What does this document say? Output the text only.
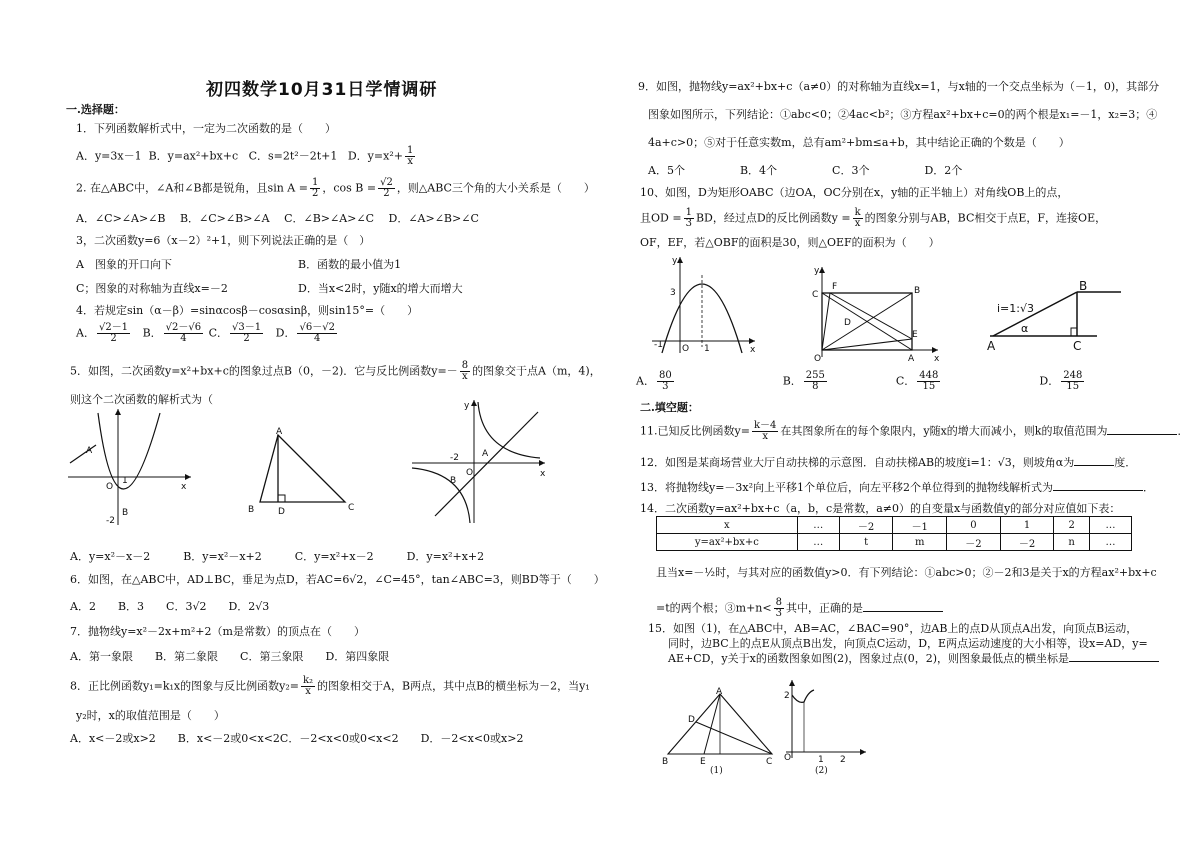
初四数学10月31日学情调研
一.选择题：
1．下列函数解析式中，一定为二次函数的是（　　）
A．y=3x－1 B．y=ax²+bx+c C．s=2t²－2t+1 D．$y=x^2+ \frac{1}{x}$
2. 在△ABC中，∠A和∠B都是锐角，且$\sin A = \frac{1}{2}$ ，$\cos B = \frac{√2}{2}$ ，则△ABC三个角的大小关系是（　　）
A．∠C>∠A>∠B　 B．∠C>∠B>∠A　 C．∠B>∠A>∠C　 D．∠A>∠B>∠C
3，二次函数y=6（x－2）²+1，则下列说法正确的是（　）
A　图象的开口向下	B．函数的最小值为1
C；图象的对称轴为直线x=－2	D．当x<2时，y随x的增大而增大
4．若规定sin（α－β）=sinαcosβ－cosαsinβ，则sin15°=（　　）
A． $\frac{√2-1}{2}$ B． $\frac{√2-√6}{4}$ C． $\frac{√3-1}{2}$ D． $\frac{√6-√2}{4}$
5．如图，二次函数y=x²+bx+c的图象过点B（0，－2)．它与反比例函数$y=- \frac{8}{x}$ 的图象交于点A（m，4)，
则这个二次函数的解析式为（
A
1
O	x
-2
B
A
B	D	C
-2	A
O	x
y
B
A．y=x²－x－2　　　B．y=x²－x+2　　　C．y=x²+x－2　　　D．y=x²+x+2
6．如图，在△ABC中，AD⊥BC，垂足为点D，若AC=6√2，∠C=45°，tan∠ABC=3，则BD等于（　　）
A．2　　B．3　　C．3√2　　D．2√3
7．抛物线y=x²－2x+m²+2（m是常数）的顶点在（　　）
A．第一象限　　B．第二象限　　C．第三象限　　D．第四象限
8．正比例函数y₁=k₁x的图象与反比例函数$y_2= \frac{\text{k₂}}{x}$ 的图象相交于A，B两点，其中点B的横坐标为－2，当y₁
y₂时，x的取值范围是（　　）
A．x<－2或x>2　　B．x<－2或0<x<2C．－2<x<0或0<x<2　　D．－2<x<0或x>2
9．如图，抛物线y=ax²+bx+c（a≠0）的对称轴为直线x=1，与x轴的一个交点坐标为（－1，0)，其部分
图象如图所示，下列结论：①abc<0；②4ac<b²；③方程ax²+bx+c=0的两个根是x₁=－1，x₂=3；④
4a+c>0；⑤对于任意实数m，总有am²+bm≤a+b，其中结论正确的个数是（　　）
A．5个　　　　　B．4个　　　　　C．3个　　　　　D．2个
10、如图，D为矩形OABC（边OA，OC分别在x，y轴的正半轴上）对角线OB上的点，
且OD = $\frac{1}{3}$ BD，经过点D的反比例函数$y = \frac{k}{x}$ 的图象分别与AB，BC相交于点E，F，连接OE，
OF，EF，若△OBF的面积是30，则△OEF的面积为（　　）
-1 O 1
3
y
x
C
F	B
D
E
A
O
y
x
i=1:√3
α
A
B
C
A． $\frac{80}{3}$	B． $\frac{255}{8}$	C． $\frac{448}{15}$	D． $\frac{248}{15}$
二.填空题：
11.已知反比例函数$y= \frac{k-4}{x}$ 在其图象所在的每个象限内，y随x的增大而减小，则k的取值范围为	．
12．如图是某商场营业大厅自动扶梯的示意图．自动扶梯AB的坡度i=1：√3，则坡角α为	度．
13．将抛物线y=－3x²向上平移1个单位后，向左平移2个单位得到的抛物线解析式为	．
14．二次函数y=ax²+bx+c（a，b，c是常数，a≠0）的自变量x与函数值y的部分对应值如下表：
x	…	－2	－1	0	1	2	…
y=ax²+bx+c	…	t	m	－2	－2	n	…
且当x=－½时，与其对应的函数值y>0．有下列结论：①abc>0；②－2和3是关于x的方程ax²+bx+c
=t的两个根；③m+n< $\frac{8}{3}$ 其中，正确的是
15．如图（1)，在△ABC中，AB=AC，∠BAC=90°，边AB上的点D从顶点A出发，向顶点B运动，
同时，边BC上的点E从顶点B出发，向顶点C运动，D，E两点运动速度的大小相等，设x=AD，y=
AE+CD，y关于x的函数图象如图(2)，图象过点(0，2)，则图象最低点的横坐标是
A
B	C
D
E
(1)
2
O	1 2
(2)
